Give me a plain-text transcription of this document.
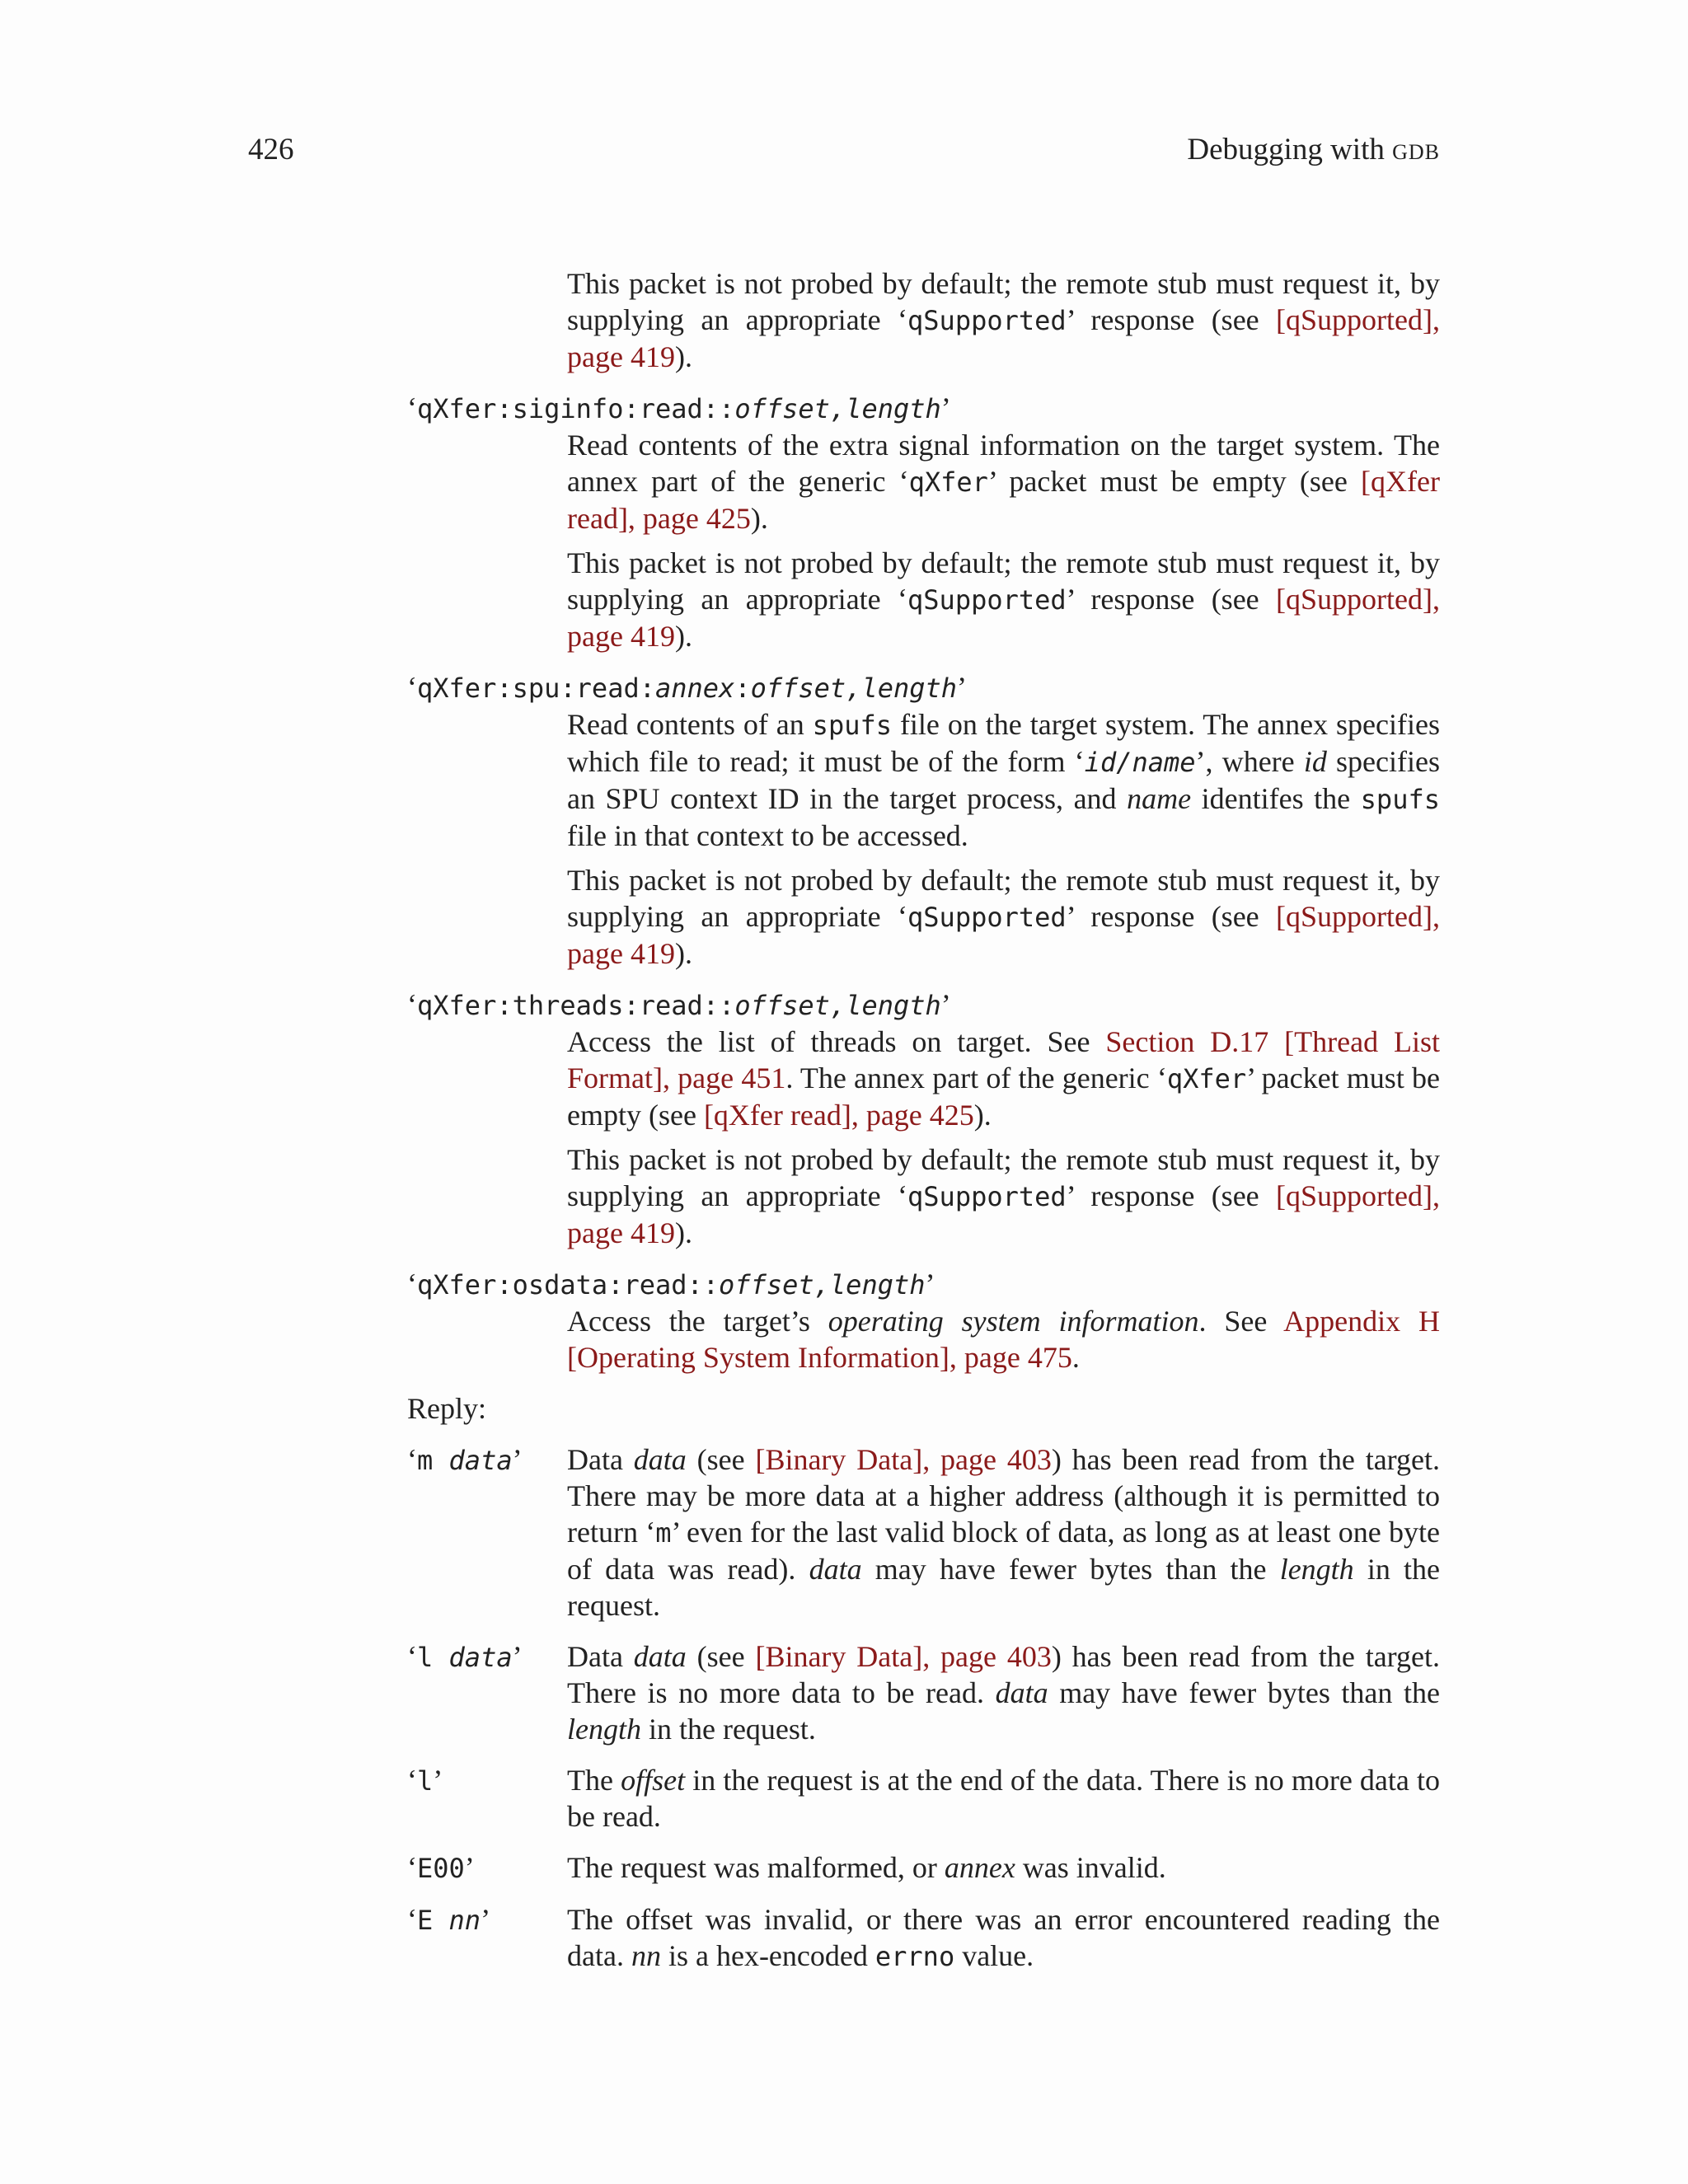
426	Debugging with gdb
This packet is not probed by default; the remote stub must request it, by supplying an appropriate ‘qSupported’ response (see [qSupported], page 419).
‘qXfer:siginfo:read::offset,length’
Read contents of the extra signal information on the target system. The annex part of the generic ‘qXfer’ packet must be empty (see [qXfer read], page 425).
This packet is not probed by default; the remote stub must request it, by supplying an appropriate ‘qSupported’ response (see [qSupported], page 419).
‘qXfer:spu:read:annex:offset,length’
Read contents of an spufs file on the target system. The annex specifies which file to read; it must be of the form ‘id/name’, where id specifies an SPU context ID in the target process, and name identifes the spufs file in that context to be accessed.
This packet is not probed by default; the remote stub must request it, by supplying an appropriate ‘qSupported’ response (see [qSupported], page 419).
‘qXfer:threads:read::offset,length’
Access the list of threads on target. See Section D.17 [Thread List Format], page 451. The annex part of the generic ‘qXfer’ packet must be empty (see [qXfer read], page 425).
This packet is not probed by default; the remote stub must request it, by supplying an appropriate ‘qSupported’ response (see [qSupported], page 419).
‘qXfer:osdata:read::offset,length’
Access the target’s operating system information. See Appendix H [Operating System Information], page 475.
Reply:
‘m data’	Data data (see [Binary Data], page 403) has been read from the target. There may be more data at a higher address (although it is permitted to return ‘m’ even for the last valid block of data, as long as at least one byte of data was read). data may have fewer bytes than the length in the request.
‘l data’	Data data (see [Binary Data], page 403) has been read from the target. There is no more data to be read. data may have fewer bytes than the length in the request.
‘l’	The offset in the request is at the end of the data. There is no more data to be read.
‘E00’	The request was malformed, or annex was invalid.
‘E nn’	The offset was invalid, or there was an error encountered reading the data. nn is a hex-encoded errno value.
